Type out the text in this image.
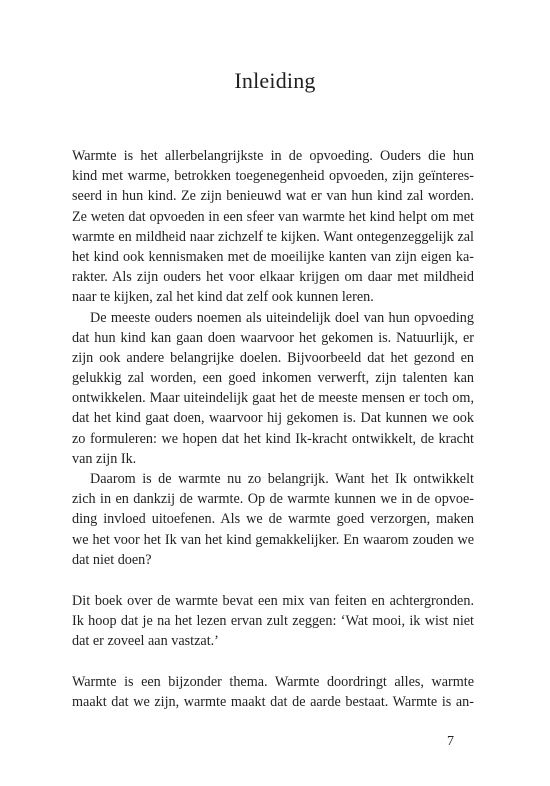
Inleiding
Warmte is het allerbelangrijkste in de opvoeding. Ouders die hun
kind met warme, betrokken toegenegenheid opvoeden, zijn geïnteres-
seerd in hun kind. Ze zijn benieuwd wat er van hun kind zal worden.
Ze weten dat opvoeden in een sfeer van warmte het kind helpt om met
warmte en mildheid naar zichzelf te kijken. Want ontegenzeggelijk zal
het kind ook kennismaken met de moeilijke kanten van zijn eigen ka-
rakter. Als zijn ouders het voor elkaar krijgen om daar met mildheid
naar te kijken, zal het kind dat zelf ook kunnen leren.
De meeste ouders noemen als uiteindelijk doel van hun opvoeding
dat hun kind kan gaan doen waarvoor het gekomen is. Natuurlijk, er
zijn ook andere belangrijke doelen. Bijvoorbeeld dat het gezond en
gelukkig zal worden, een goed inkomen verwerft, zijn talenten kan
ontwikkelen. Maar uiteindelijk gaat het de meeste mensen er toch om,
dat het kind gaat doen, waarvoor hij gekomen is. Dat kunnen we ook
zo formuleren: we hopen dat het kind Ik-kracht ontwikkelt, de kracht
van zijn Ik.
Daarom is de warmte nu zo belangrijk. Want het Ik ontwikkelt
zich in en dankzij de warmte. Op de warmte kunnen we in de opvoe-
ding invloed uitoefenen. Als we de warmte goed verzorgen, maken
we het voor het Ik van het kind gemakkelijker. En waarom zouden we
dat niet doen?
Dit boek over de warmte bevat een mix van feiten en achtergronden.
Ik hoop dat je na het lezen ervan zult zeggen: ‘Wat mooi, ik wist niet
dat er zoveel aan vastzat.’
Warmte is een bijzonder thema. Warmte doordringt alles, warmte
maakt dat we zijn, warmte maakt dat de aarde bestaat. Warmte is an-
7
